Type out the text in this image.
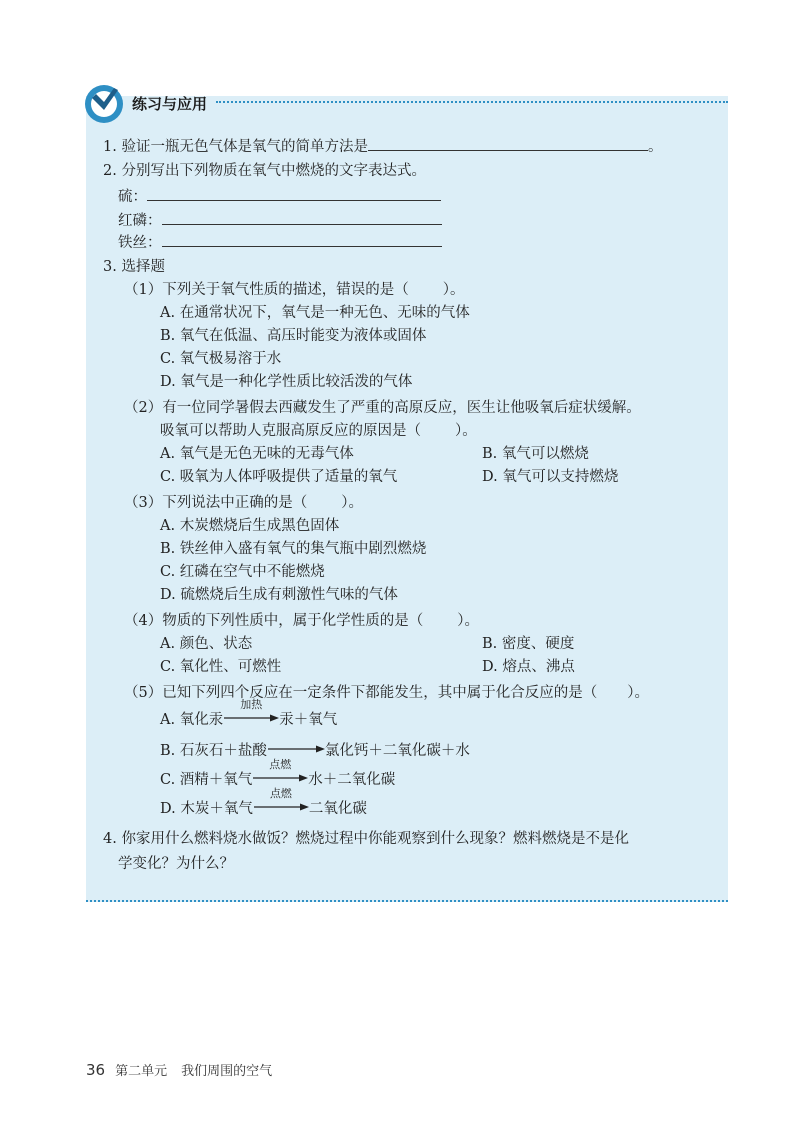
练习与应用
1. 验证一瓶无色气体是氧气的简单方法是	。
2. 分别写出下列物质在氧气中燃烧的文字表达式。
硫：
红磷：
铁丝：
3. 选择题
（1）下列关于氧气性质的描述，错误的是（ ）。
A. 在通常状况下，氧气是一种无色、无味的气体
B. 氧气在低温、高压时能变为液体或固体
C. 氧气极易溶于水
D. 氧气是一种化学性质比较活泼的气体
（2）有一位同学暑假去西藏发生了严重的高原反应，医生让他吸氧后症状缓解。
吸氧可以帮助人克服高原反应的原因是（ ）。
A. 氧气是无色无味的无毒气体	B. 氧气可以燃烧
C. 吸氧为人体呼吸提供了适量的氧气	D. 氧气可以支持燃烧
（3）下列说法中正确的是（ ）。
A. 木炭燃烧后生成黑色固体
B. 铁丝伸入盛有氧气的集气瓶中剧烈燃烧
C. 红磷在空气中不能燃烧
D. 硫燃烧后生成有刺激性气味的气体
（4）物质的下列性质中，属于化学性质的是（ ）。
A. 颜色、状态	B. 密度、硬度
C. 氧化性、可燃性	D. 熔点、沸点
（5）已知下列四个反应在一定条件下都能发生，其中属于化合反应的是（ ）。
A. 氧化汞
加热
汞＋氧气
B. 石灰石＋盐酸→氯化钙＋二氧化碳＋水
C. 酒精＋氧气
点燃
水＋二氧化碳
D. 木炭＋氧气
点燃
二氧化碳
4. 你家用什么燃料烧水做饭？燃烧过程中你能观察到什么现象？燃料燃烧是不是化
学变化？为什么？
36 第二单元 我们周围的空气
